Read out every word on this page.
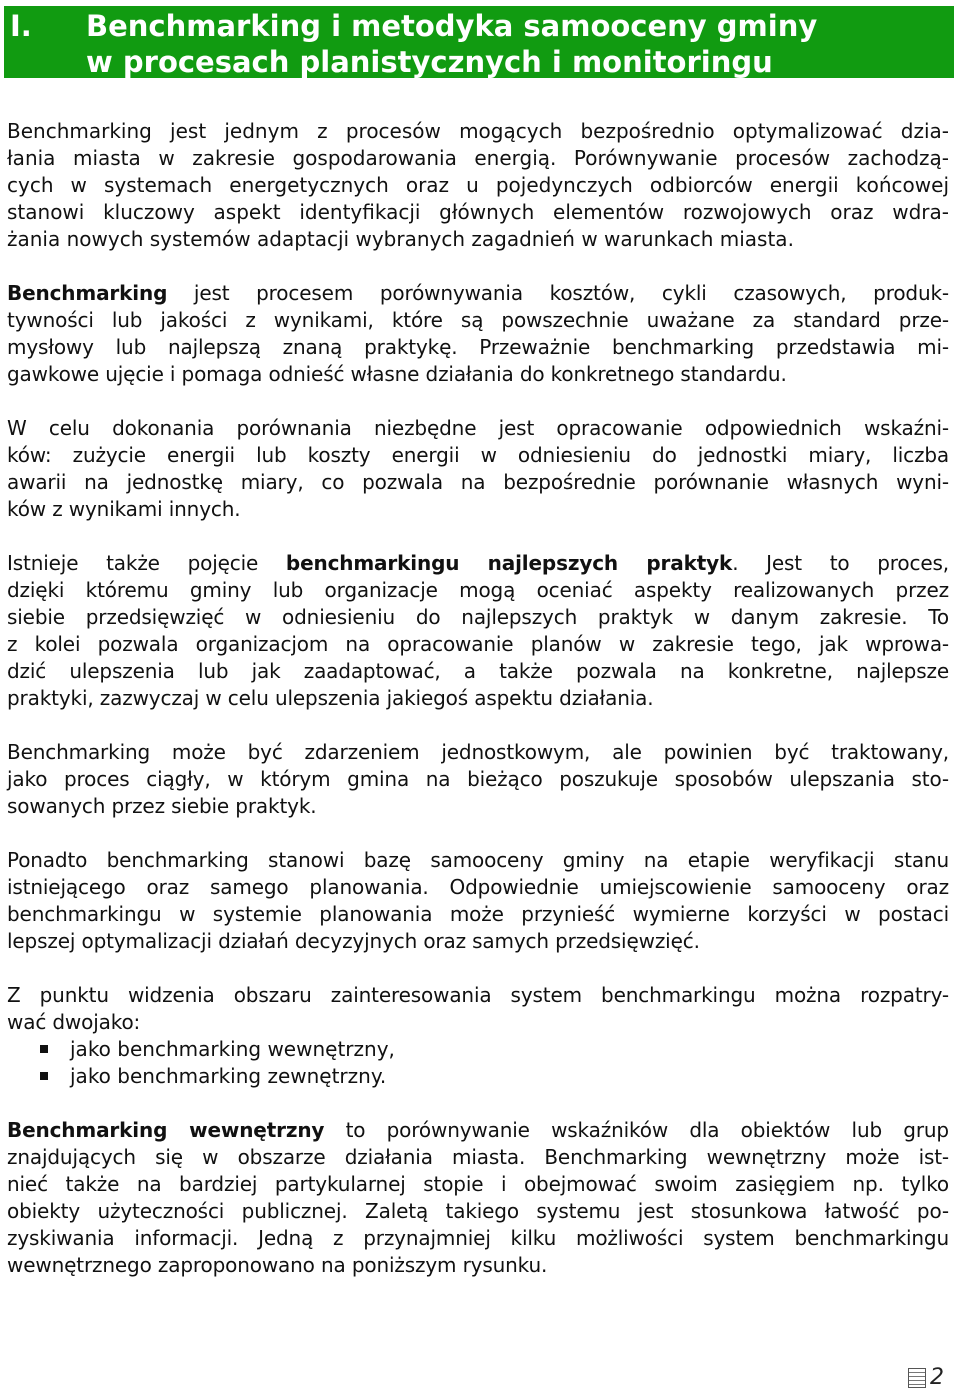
I. Benchmarking i metodyka samooceny gminy
w procesach planistycznych i monitoringu

Benchmarking jest jednym z procesów mogących bezpośrednio optymalizować dzia-
łania miasta w zakresie gospodarowania energią. Porównywanie procesów zachodzą-
cych w systemach energetycznych oraz u pojedynczych odbiorców energii końcowej
stanowi kluczowy aspekt identyfikacji głównych elementów rozwojowych oraz wdra-
żania nowych systemów adaptacji wybranych zagadnień w warunkach miasta.

Benchmarking jest procesem porównywania kosztów, cykli czasowych, produk-
tywności lub jakości z wynikami, które są powszechnie uważane za standard prze-
mysłowy lub najlepszą znaną praktykę. Przeważnie benchmarking przedstawia mi-
gawkowe ujęcie i pomaga odnieść własne działania do konkretnego standardu.

W celu dokonania porównania niezbędne jest opracowanie odpowiednich wskaźni-
ków: zużycie energii lub koszty energii w odniesieniu do jednostki miary, liczba
awarii na jednostkę miary, co pozwala na bezpośrednie porównanie własnych wyni-
ków z wynikami innych.

Istnieje także pojęcie benchmarkingu najlepszych praktyk. Jest to proces,
dzięki któremu gminy lub organizacje mogą oceniać aspekty realizowanych przez
siebie przedsięwzięć w odniesieniu do najlepszych praktyk w danym zakresie. To
z kolei pozwala organizacjom na opracowanie planów w zakresie tego, jak wprowa-
dzić ulepszenia lub jak zaadaptować, a także pozwala na konkretne, najlepsze
praktyki, zazwyczaj w celu ulepszenia jakiegoś aspektu działania.

Benchmarking może być zdarzeniem jednostkowym, ale powinien być traktowany,
jako proces ciągły, w którym gmina na bieżąco poszukuje sposobów ulepszania sto-
sowanych przez siebie praktyk.

Ponadto benchmarking stanowi bazę samooceny gminy na etapie weryfikacji stanu
istniejącego oraz samego planowania. Odpowiednie umiejscowienie samooceny oraz
benchmarkingu w systemie planowania może przynieść wymierne korzyści w postaci
lepszej optymalizacji działań decyzyjnych oraz samych przedsięwzięć.

Z punktu widzenia obszaru zainteresowania system benchmarkingu można rozpatry-
wać dwojako:

jako benchmarking wewnętrzny,
jako benchmarking zewnętrzny.

Benchmarking wewnętrzny to porównywanie wskaźników dla obiektów lub grup
znajdujących się w obszarze działania miasta. Benchmarking wewnętrzny może ist-
nieć także na bardziej partykularnej stopie i obejmować swoim zasięgiem np. tylko
obiekty użyteczności publicznej. Zaletą takiego systemu jest stosunkowa łatwość po-
zyskiwania informacji. Jedną z przynajmniej kilku możliwości system benchmarkingu
wewnętrznego zaproponowano na poniższym rysunku.

2
